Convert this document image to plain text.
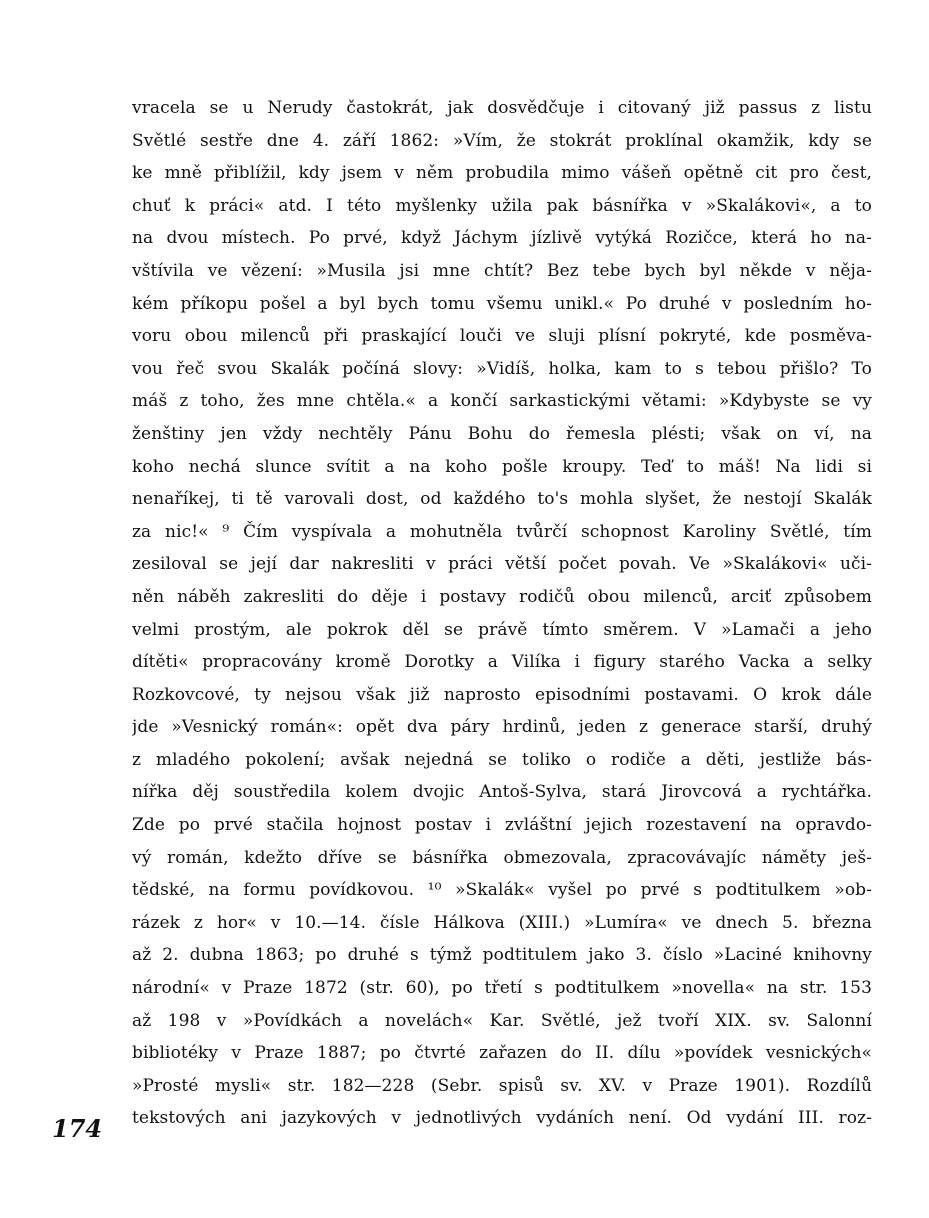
vracela se u Nerudy častokrát, jak dosvědčuje i citovaný již passus z listu
Světlé sestře dne 4. září 1862: »Vím, že stokrát proklínal okamžik, kdy se
ke mně přiblížil, kdy jsem v něm probudila mimo vášeň opětně cit pro čest,
chuť k práci« atd. I této myšlenky užila pak básnířka v »Skalákovi«, a to
na dvou místech. Po prvé, když Jáchym jízlivě vytýká Rozičce, která ho na-
vštívila ve vězení: »Musila jsi mne chtít? Bez tebe bych byl někde v něja-
kém příkopu pošel a byl bych tomu všemu unikl.« Po druhé v posledním ho-
voru obou milenců při praskající louči ve sluji plísní pokryté, kde posměva-
vou řeč svou Skalák počíná slovy: »Vidíš, holka, kam to s tebou přišlo? To
máš z toho, žes mne chtěla.« a končí sarkastickými větami: »Kdybyste se vy
ženštiny jen vždy nechtěly Pánu Bohu do řemesla plésti; však on ví, na
koho nechá slunce svítit a na koho pošle kroupy. Teď to máš! Na lidi si
nenaříkej, ti tě varovali dost, od každého to's mohla slyšet, že nestojí Skalák
za nic!« ⁹ Čím vyspívala a mohutněla tvůrčí schopnost Karoliny Světlé, tím
zesiloval se její dar nakresliti v práci větší počet povah. Ve »Skalákovi« uči-
něn náběh zakresliti do děje i postavy rodičů obou milenců, arciť způsobem
velmi prostým, ale pokrok děl se právě tímto směrem. V »Lamači a jeho
dítěti« propracovány kromě Dorotky a Vilíka i figury starého Vacka a selky
Rozkovcové, ty nejsou však již naprosto episodními postavami. O krok dále
jde »Vesnický román«: opět dva páry hrdinů, jeden z generace starší, druhý
z mladého pokolení; avšak nejedná se toliko o rodiče a děti, jestliže bás-
nířka děj soustředila kolem dvojic Antoš-Sylva, stará Jirovcová a rychtářka.
Zde po prvé stačila hojnost postav i zvláštní jejich rozestavení na opravdo-
vý román, kdežto dříve se básnířka obmezovala, zpracovávajíc náměty ješ-
tědské, na formu povídkovou. ¹⁰ »Skalák« vyšel po prvé s podtitulkem »ob-
rázek z hor« v 10.—14. čísle Hálkova (XIII.) »Lumíra« ve dnech 5. března
až 2. dubna 1863; po druhé s týmž podtitulem jako 3. číslo »Laciné knihovny
národní« v Praze 1872 (str. 60), po třetí s podtitulkem »novella« na str. 153
až 198 v »Povídkách a novelách« Kar. Světlé, jež tvoří XIX. sv. Salonní
bibliotéky v Praze 1887; po čtvrté zařazen do II. dílu »povídek vesnických«
»Prosté mysli« str. 182—228 (Sebr. spisů sv. XV. v Praze 1901). Rozdílů
tekstových ani jazykových v jednotlivých vydáních není. Od vydání III. roz-
174
